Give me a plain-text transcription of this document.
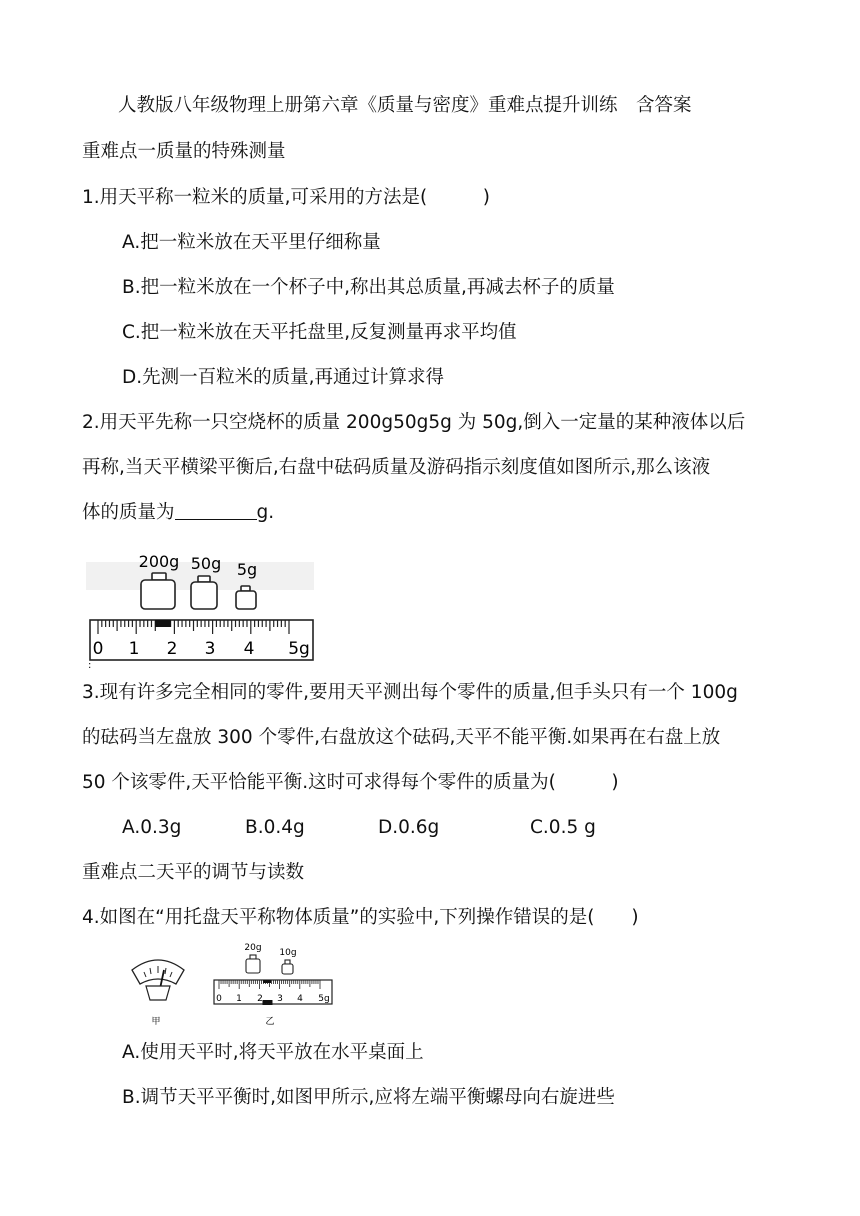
人教版八年级物理上册第六章《质量与密度》重难点提升训练　含答案
重难点一质量的特殊测量
1.用天平称一粒米的质量,可采用的方法是(　　　)
A.把一粒米放在天平里仔细称量
B.把一粒米放在一个杯子中,称出其总质量,再减去杯子的质量
C.把一粒米放在天平托盘里,反复测量再求平均值
D.先测一百粒米的质量,再通过计算求得
2.用天平先称一只空烧杯的质量 200g50g5g 为 50g,倒入一定量的某种液体以后
再称,当天平横梁平衡后,右盘中砝码质量及游码指示刻度值如图所示,那么该液
体的质量为	g.
200g 50g 5g
0 1 2 3 4 5g
:
3.现有许多完全相同的零件,要用天平测出每个零件的质量,但手头只有一个 100g
的砝码当左盘放 300 个零件,右盘放这个砝码,天平不能平衡.如果再在右盘上放
50 个该零件,天平恰能平衡.这时可求得每个零件的质量为(　　　)
A.0.3g	B.0.4g	D.0.6g	C.0.5 g
重难点二天平的调节与读数
4.如图在“用托盘天平称物体质量”的实验中,下列操作错误的是(　　)
甲
20g 10g
0 1 2 3 4 5g
乙
A.使用天平时,将天平放在水平桌面上
B.调节天平平衡时,如图甲所示,应将左端平衡螺母向右旋进些
